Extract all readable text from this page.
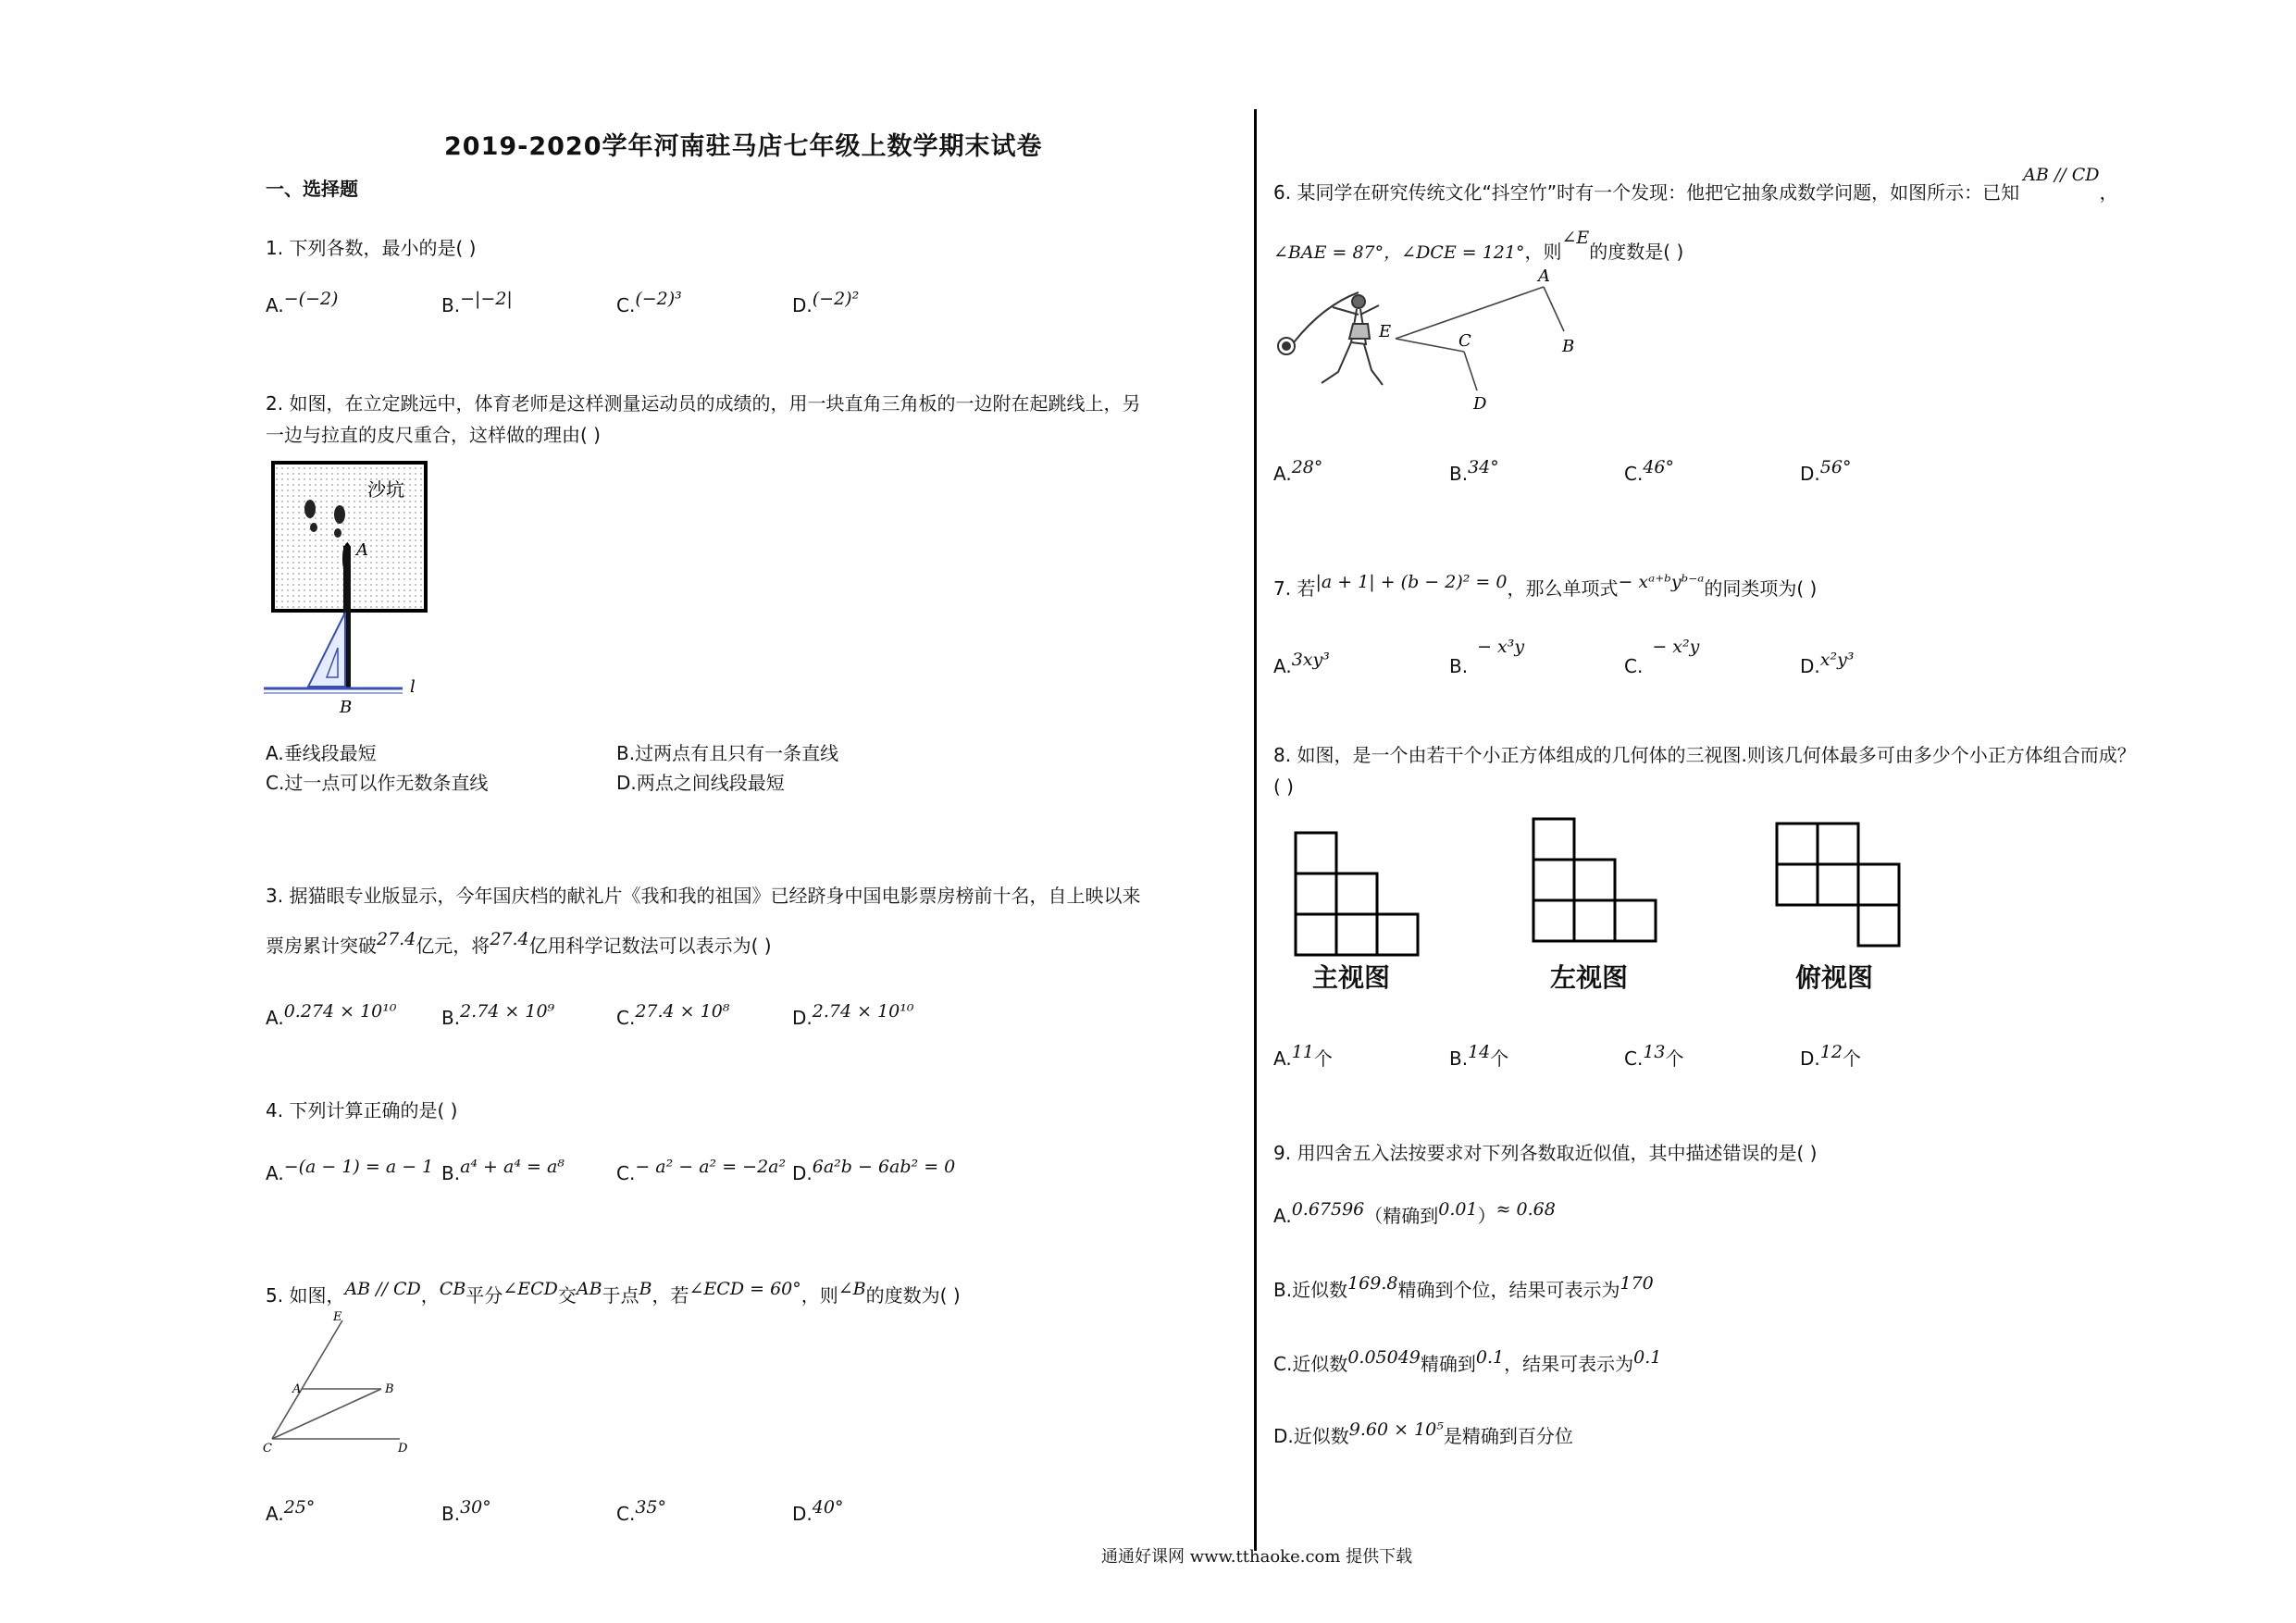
2019-2020学年河南驻马店七年级上数学期末试卷
一、选择题
1. 下列各数，最小的是( )
A.−(−2)	B.−|−2|	C.(−2)³	D.(−2)²
2. 如图，在立定跳远中，体育老师是这样测量运动员的成绩的，用一块直角三角板的一边附在起跳线上，另
一边与拉直的皮尺重合，这样做的理由( )
沙坑
A
B
l
A.垂线段最短	B.过两点有且只有一条直线
C.过一点可以作无数条直线	D.两点之间线段最短
3. 据猫眼专业版显示，今年国庆档的献礼片《我和我的祖国》已经跻身中国电影票房榜前十名，自上映以来
票房累计突破27.4亿元，将27.4亿用科学记数法可以表示为( )
A.0.274 × 10¹⁰ B.2.74 × 10⁹	C.27.4 × 10⁸	D.2.74 × 10¹⁰
4. 下列计算正确的是( )
A.−(a − 1) = a − 1 B.a⁴ + a⁴ = a⁸	C.− a² − a² = −2a² D.6a²b − 6ab² = 0
5. 如图，AB // CD，CB平分∠ECD交AB于点B，若∠ECD = 60°，则∠B的度数为( )
E
A	B
C	D
A.25°	B.30°	C.35°	D.40°
6. 某同学在研究传统文化“抖空竹”时有一个发现：他把它抽象成数学问题，如图所示：已知AB // CD，
∠BAE = 87°，∠DCE = 121°，则∠E的度数是( )
A
B
E	C
D
A.28°	B.34°	C.46°	D.56°
7. 若|a + 1| + (b − 2)² = 0，那么单项式− xᵃ⁺ᵇyᵇ⁻ᵃ的同类项为( )
A.3xy³	B.− x³y
C.− x²y
D.x²y³
8. 如图，是一个由若干个小正方体组成的几何体的三视图.则该几何体最多可由多少个小正方体组合而成？
( )
主视图	左视图	俯视图
A.11个	B.14个	C.13个	D.12个
9. 用四舍五入法按要求对下列各数取近似值，其中描述错误的是( )
A.0.67596（精确到0.01）≈ 0.68
B.近似数169.8精确到个位，结果可表示为170
C.近似数0.05049精确到0.1，结果可表示为0.1
D.近似数9.60 × 10⁵是精确到百分位
通通好课网 www.tthaoke.com 提供下载
